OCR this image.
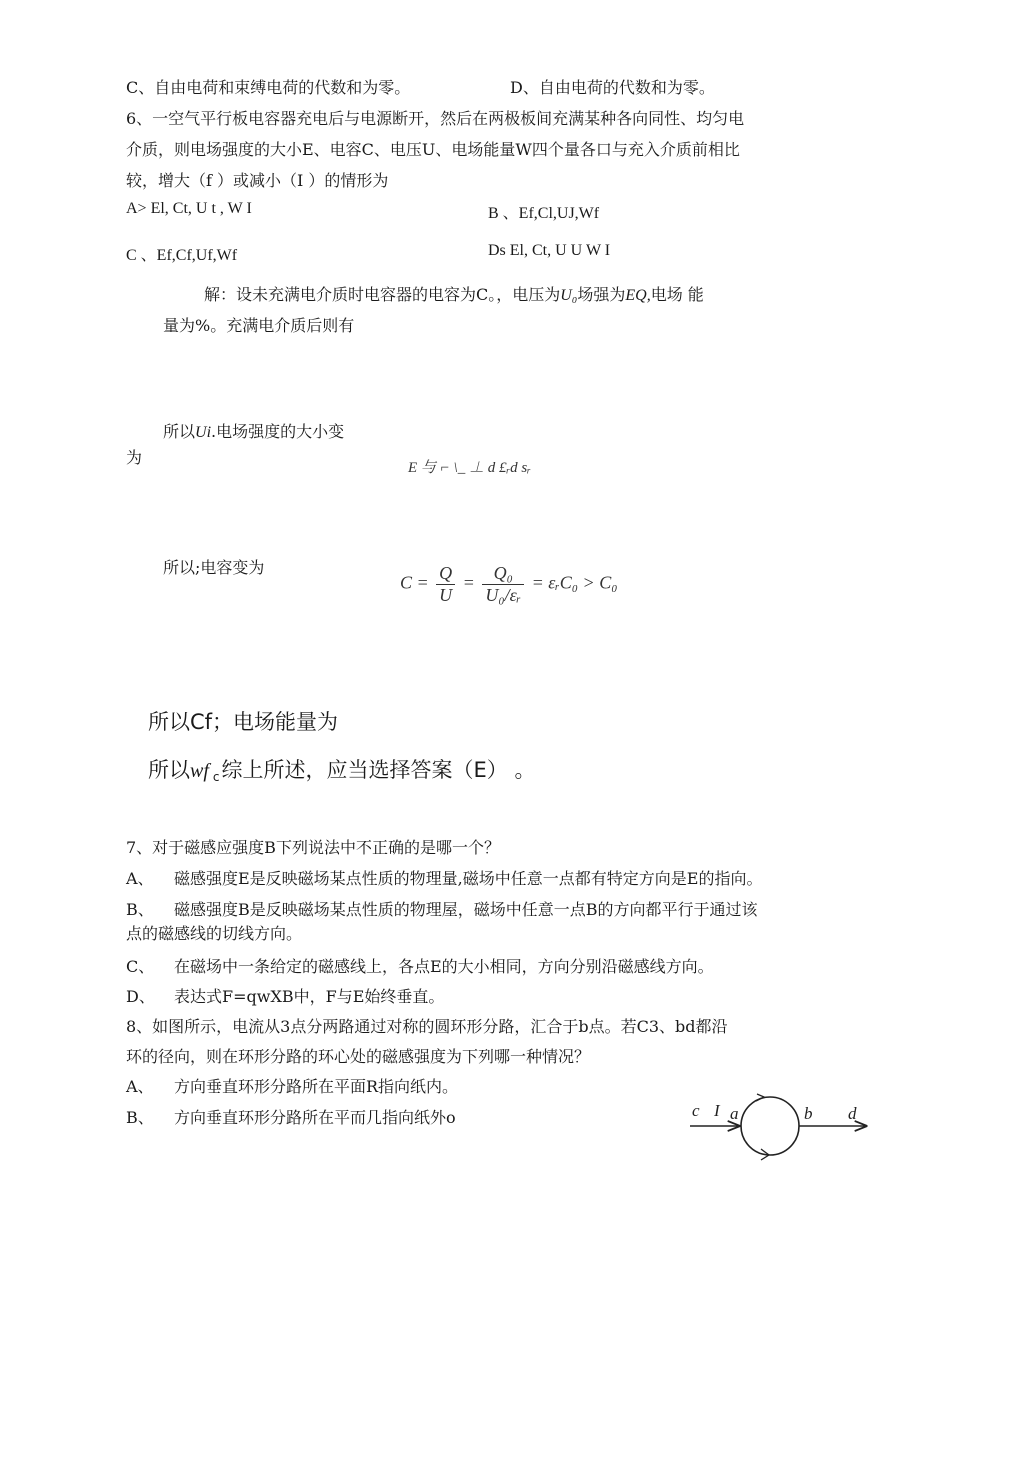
C、自由电荷和束缚电荷的代数和为零。	D、自由电荷的代数和为零。
6、一空气平行板电容器充电后与电源断开，然后在两极板间充满某种各向同性、均匀电
介质，则电场强度的大小E、电容C、电压U、电场能量W四个量各口与充入介质前相比
较，增大（f ）或减小（I ）的情形为
A> El, Ct, U t , W I	B 、Ef,Cl,UJ,Wf
C 、Ef,Cf,Uf,Wf	Ds El, Ct, U U W I
解：设未充满电介质时电容器的电容为C。，电压为U₀场强为EQ,电场 能
量为%。充满电介质后则有
所以Ui.电场强度的大小变
为
E 与 ⌐ \_ ⊥ d £ᵣd sᵣ
所以;电容变为
$C = \frac{Q}{U} = \frac{\text{Q₀}}{\text{U₀/εᵣ}}$ = εᵣC₀ > C₀
所以Cf；电场能量为
所以wf c综上所述，应当选择答案（E） 。
7、对于磁感应强度B下列说法中不正确的是哪一个？
A、 磁感强度E是反映磁场某点性质的物理量,磁场中任意一点都有特定方向是E的指向。
B、 磁感强度B是反映磁场某点性质的物理屋，磁场中任意一点B的方向都平行于通过该
点的磁感线的切线方向。
C、 在磁场中一条给定的磁感线上，各点E的大小相同，方向分别沿磁感线方向。
D、 表达式F=qwXB中，F与E始终垂直。
8、如图所示，电流从3点分两路通过对称的圆环形分路，汇合于b点。若C3、bd都沿
环的径向，则在环形分路的环心处的磁感强度为下列哪一种情况？
A、 方向垂直环形分路所在平面R指向纸内。
B、 方向垂直环形分路所在平而几指向纸外o	c I a	b d
